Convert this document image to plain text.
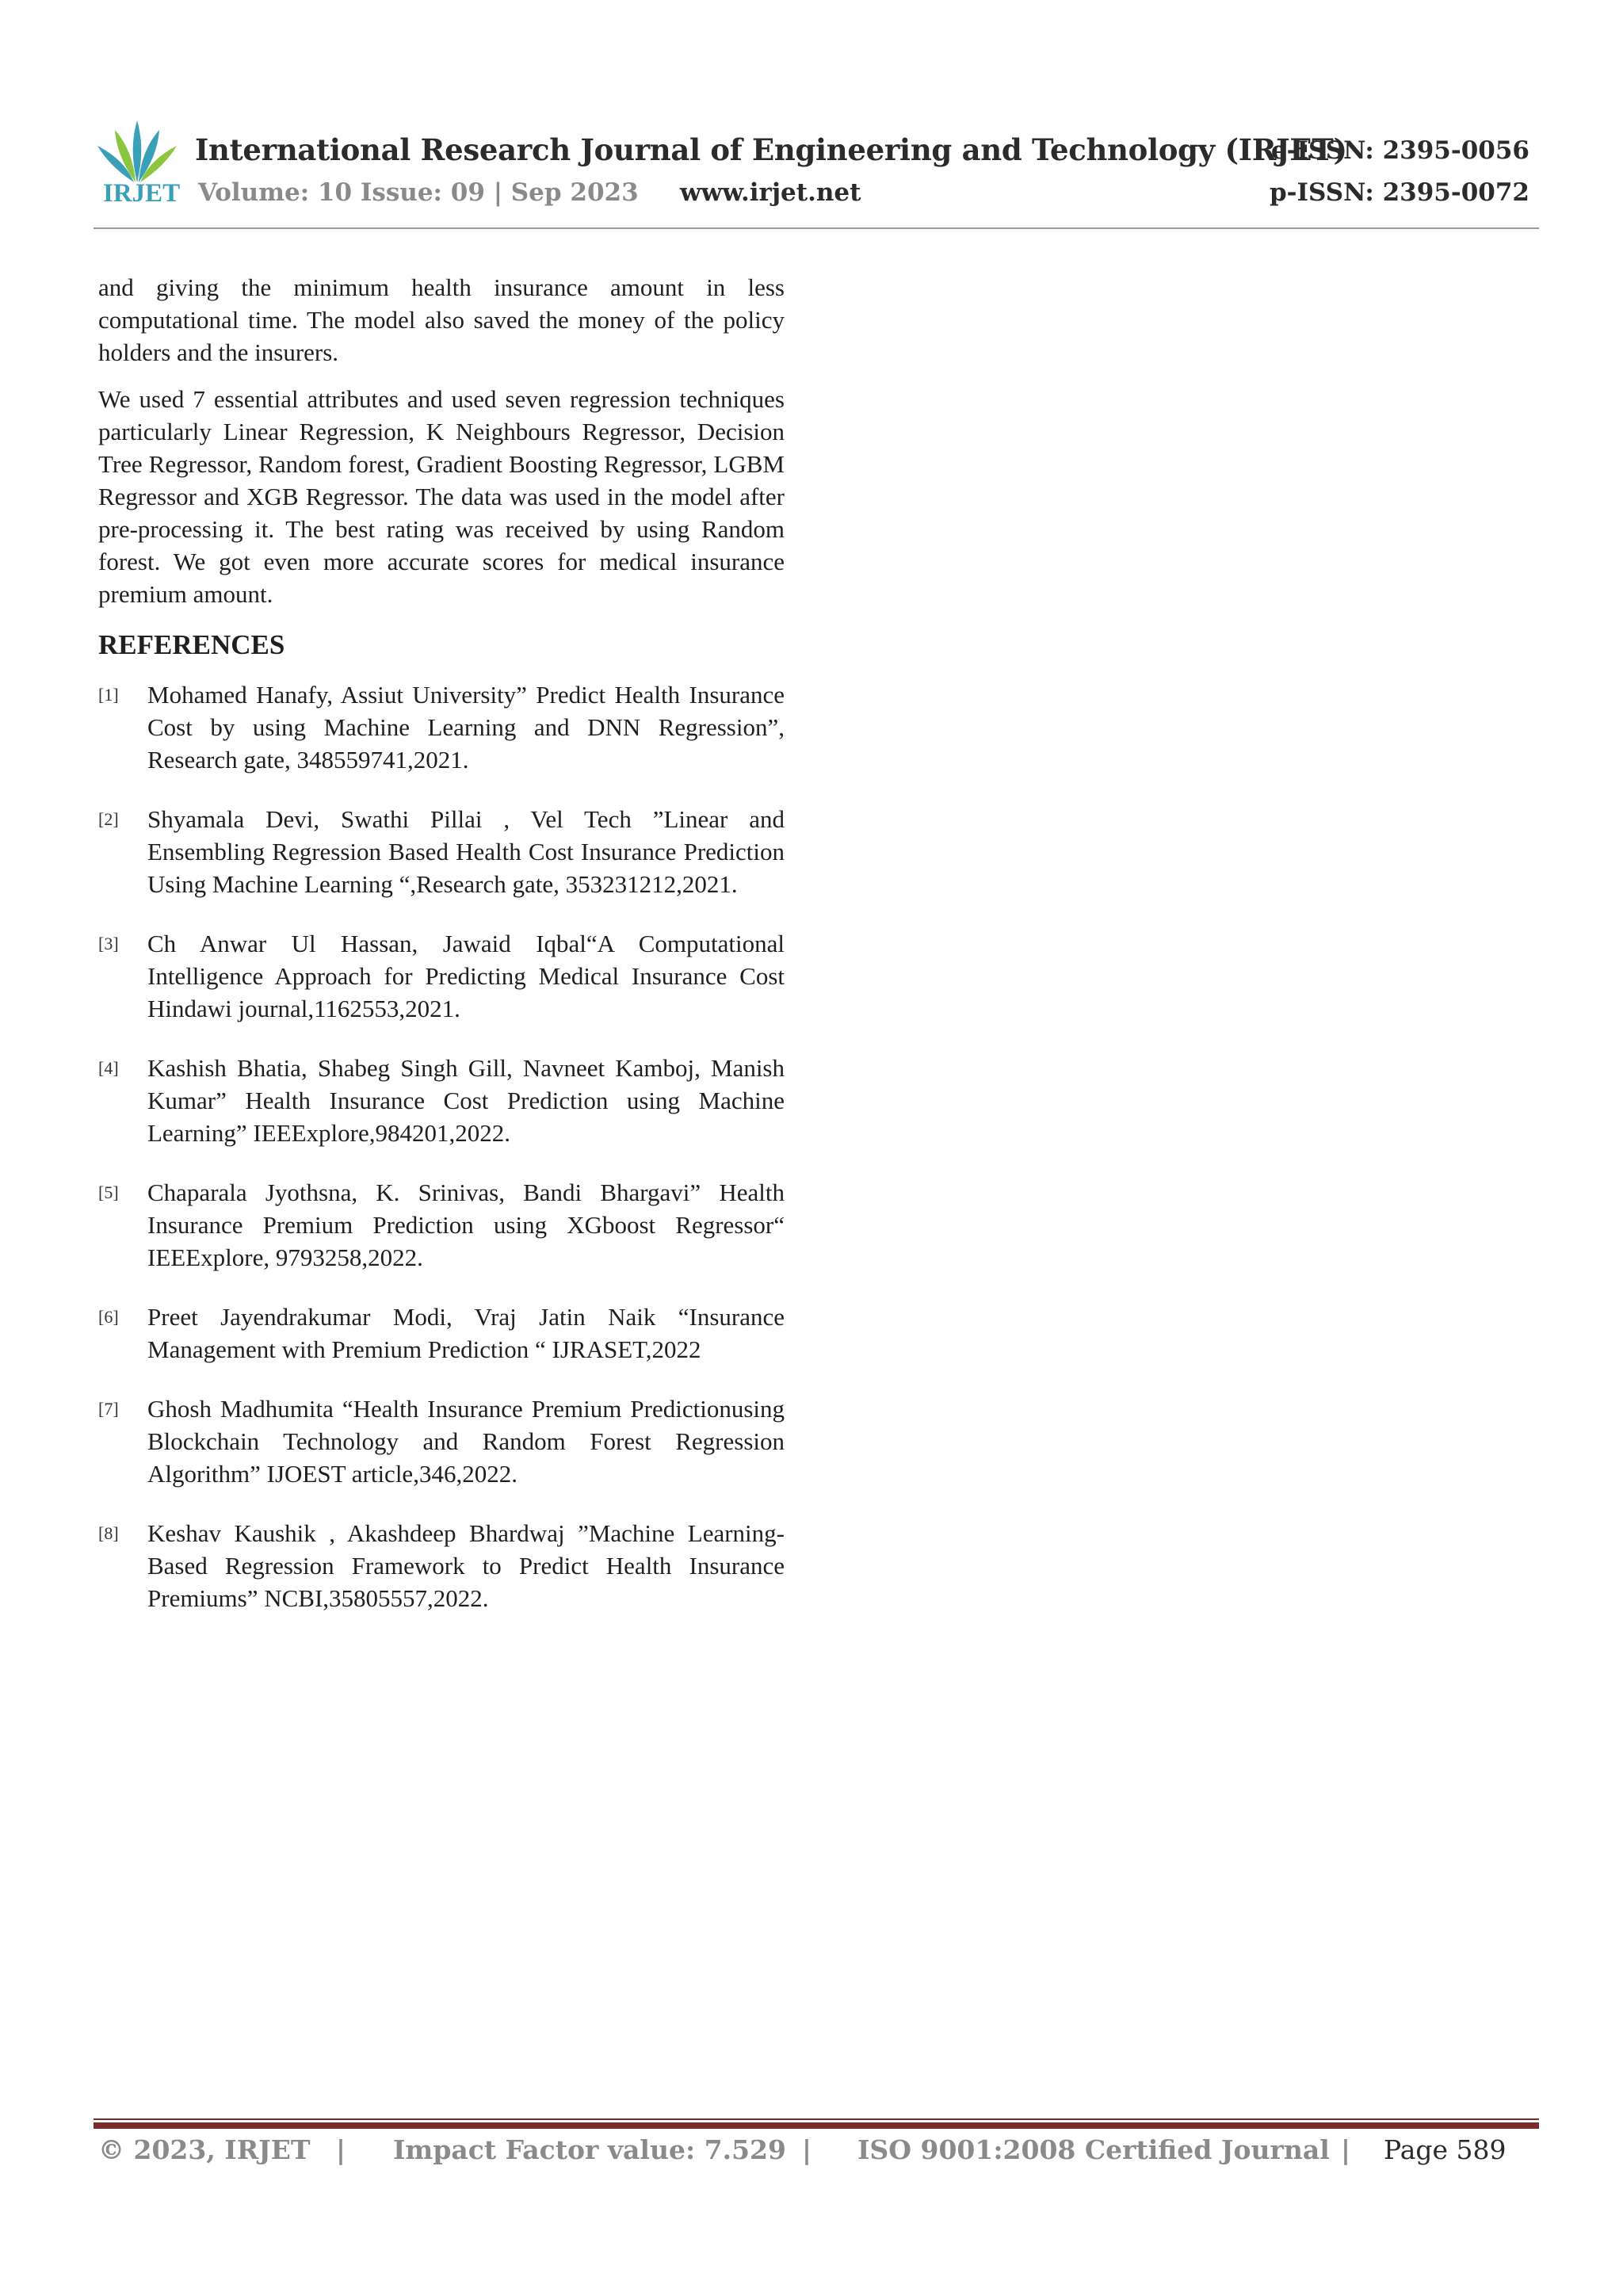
IRJET
International Research Journal of Engineering and Technology (IRJET)
e-ISSN: 2395-0056
Volume: 10 Issue: 09 | Sep 2023 www.irjet.net	p-ISSN: 2395-0072

and giving the minimum health insurance amount in less computational time. The model also saved the money of the policy holders and the insurers.

We used 7 essential attributes and used seven regression techniques particularly Linear Regression, K Neighbours Regressor, Decision Tree Regressor, Random forest, Gradient Boosting Regressor, LGBM Regressor and XGB Regressor. The data was used in the model after pre-processing it. The best rating was received by using Random forest. We got even more accurate scores for medical insurance premium amount.

REFERENCES
[1]	Mohamed Hanafy, Assiut University” Predict Health Insurance Cost by using Machine Learning and DNN Regression”, Research gate, 348559741,2021.
[2]	Shyamala Devi, Swathi Pillai , Vel Tech ”Linear and Ensembling Regression Based Health Cost Insurance Prediction Using Machine Learning “,Research gate, 353231212,2021.
[3]	Ch Anwar Ul Hassan, Jawaid Iqbal“A Computational Intelligence Approach for Predicting Medical Insurance Cost Hindawi journal,1162553,2021.
[4]	Kashish Bhatia, Shabeg Singh Gill, Navneet Kamboj, Manish Kumar” Health Insurance Cost Prediction using Machine Learning” IEEExplore,984201,2022.
[5]	Chaparala Jyothsna, K. Srinivas, Bandi Bhargavi” Health Insurance Premium Prediction using XGboost Regressor“ IEEExplore, 9793258,2022.
[6]	Preet Jayendrakumar Modi, Vraj Jatin Naik “Insurance Management with Premium Prediction “ IJRASET,2022
[7]	Ghosh Madhumita “Health Insurance Premium Predictionusing Blockchain Technology and Random Forest Regression Algorithm” IJOEST article,346,2022.
[8]	Keshav Kaushik , Akashdeep Bhardwaj ”Machine Learning-Based Regression Framework to Predict Health Insurance Premiums” NCBI,35805557,2022.
© 2023, IRJET | Impact Factor value: 7.529 | ISO 9001:2008 Certified Journal | Page 589
